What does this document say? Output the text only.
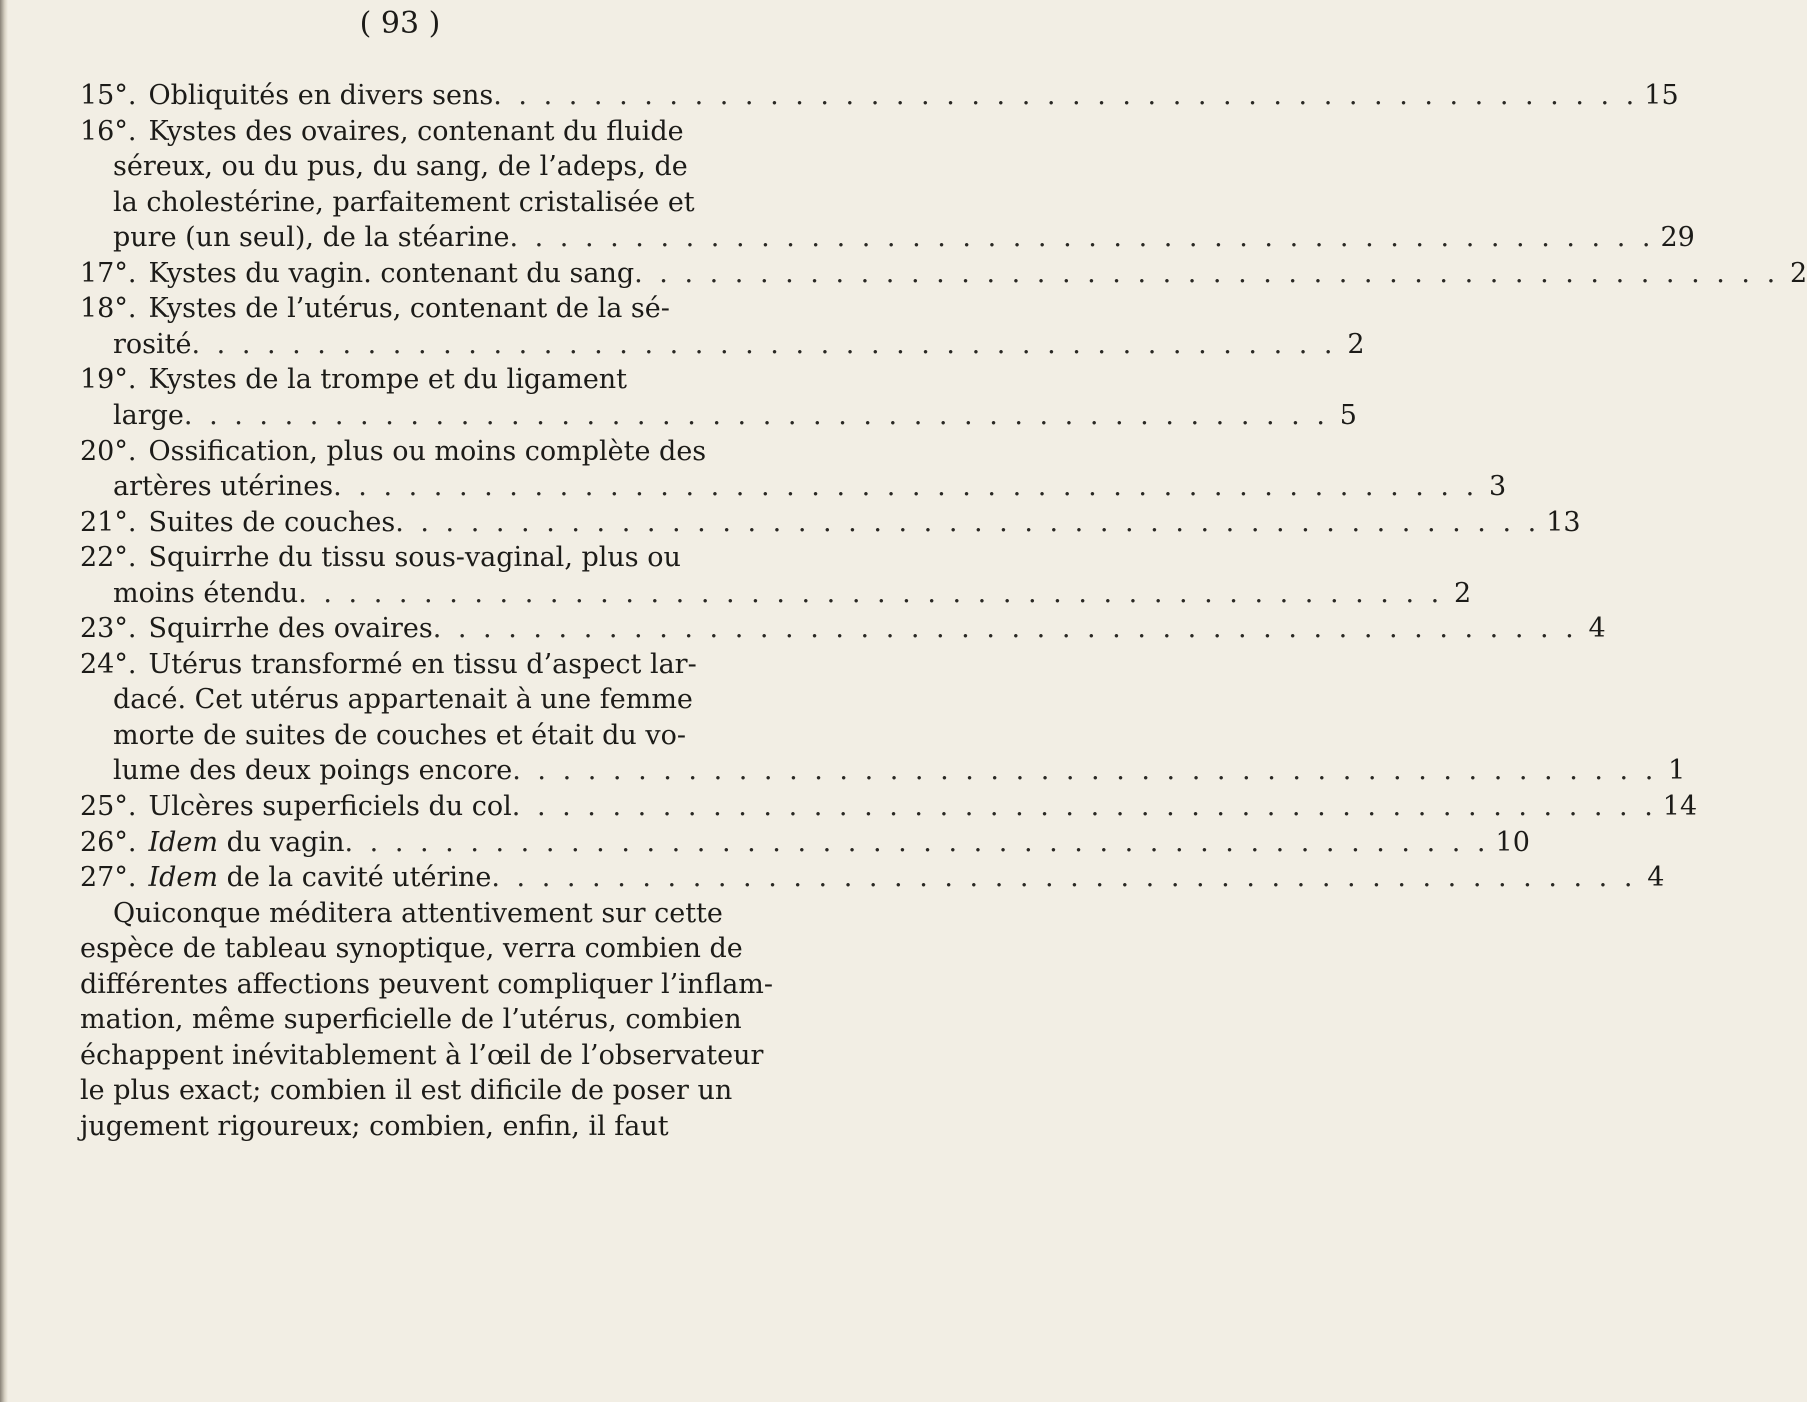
( 93 )
15°. Obliquités en divers sens . . . . . . . . . . . . . . . . . . . . . . . . . . . . . . . . . . . . . . . . . . . . . . 15
16°. Kystes des ovaires, contenant du fluide
séreux, ou du pus, du sang, de l’adeps, de
la cholestérine, parfaitement cristalisée et
pure (un seul), de la stéarine . . . . . . . . . . . . . . . . . . . . . . . . . . . . . . . . . . . . . . . . . . . . . . 29
17°. Kystes du vagin. contenant du sang . . . . . . . . . . . . . . . . . . . . . . . . . . . . . . . . . . . . . . . . . . . . . . 2
18°. Kystes de l’utérus, contenant de la sé-
rosité . . . . . . . . . . . . . . . . . . . . . . . . . . . . . . . . . . . . . . . . . . . . . . 2
19°. Kystes de la trompe et du ligament
large . . . . . . . . . . . . . . . . . . . . . . . . . . . . . . . . . . . . . . . . . . . . . . 5
20°. Ossification, plus ou moins complète des
artères utérines . . . . . . . . . . . . . . . . . . . . . . . . . . . . . . . . . . . . . . . . . . . . . . 3
21°. Suites de couches . . . . . . . . . . . . . . . . . . . . . . . . . . . . . . . . . . . . . . . . . . . . . . 13
22°. Squirrhe du tissu sous-vaginal, plus ou
moins étendu . . . . . . . . . . . . . . . . . . . . . . . . . . . . . . . . . . . . . . . . . . . . . . 2
23°. Squirrhe des ovaires . . . . . . . . . . . . . . . . . . . . . . . . . . . . . . . . . . . . . . . . . . . . . . 4
24°. Utérus transformé en tissu d’aspect lar-
dacé. Cet utérus appartenait à une femme
morte de suites de couches et était du vo-
lume des deux poings encore . . . . . . . . . . . . . . . . . . . . . . . . . . . . . . . . . . . . . . . . . . . . . . 1
25°. Ulcères superficiels du col . . . . . . . . . . . . . . . . . . . . . . . . . . . . . . . . . . . . . . . . . . . . . . 14
26°. Idem du vagin . . . . . . . . . . . . . . . . . . . . . . . . . . . . . . . . . . . . . . . . . . . . . . 10
27°. Idem de la cavité utérine . . . . . . . . . . . . . . . . . . . . . . . . . . . . . . . . . . . . . . . . . . . . . . 4
Quiconque méditera attentivement sur cette
espèce de tableau synoptique, verra combien de
différentes affections peuvent compliquer l’inflam-
mation, même superficielle de l’utérus, combien
échappent inévitablement à l’œil de l’observateur
le plus exact; combien il est dificile de poser un
jugement rigoureux; combien, enfin, il faut
